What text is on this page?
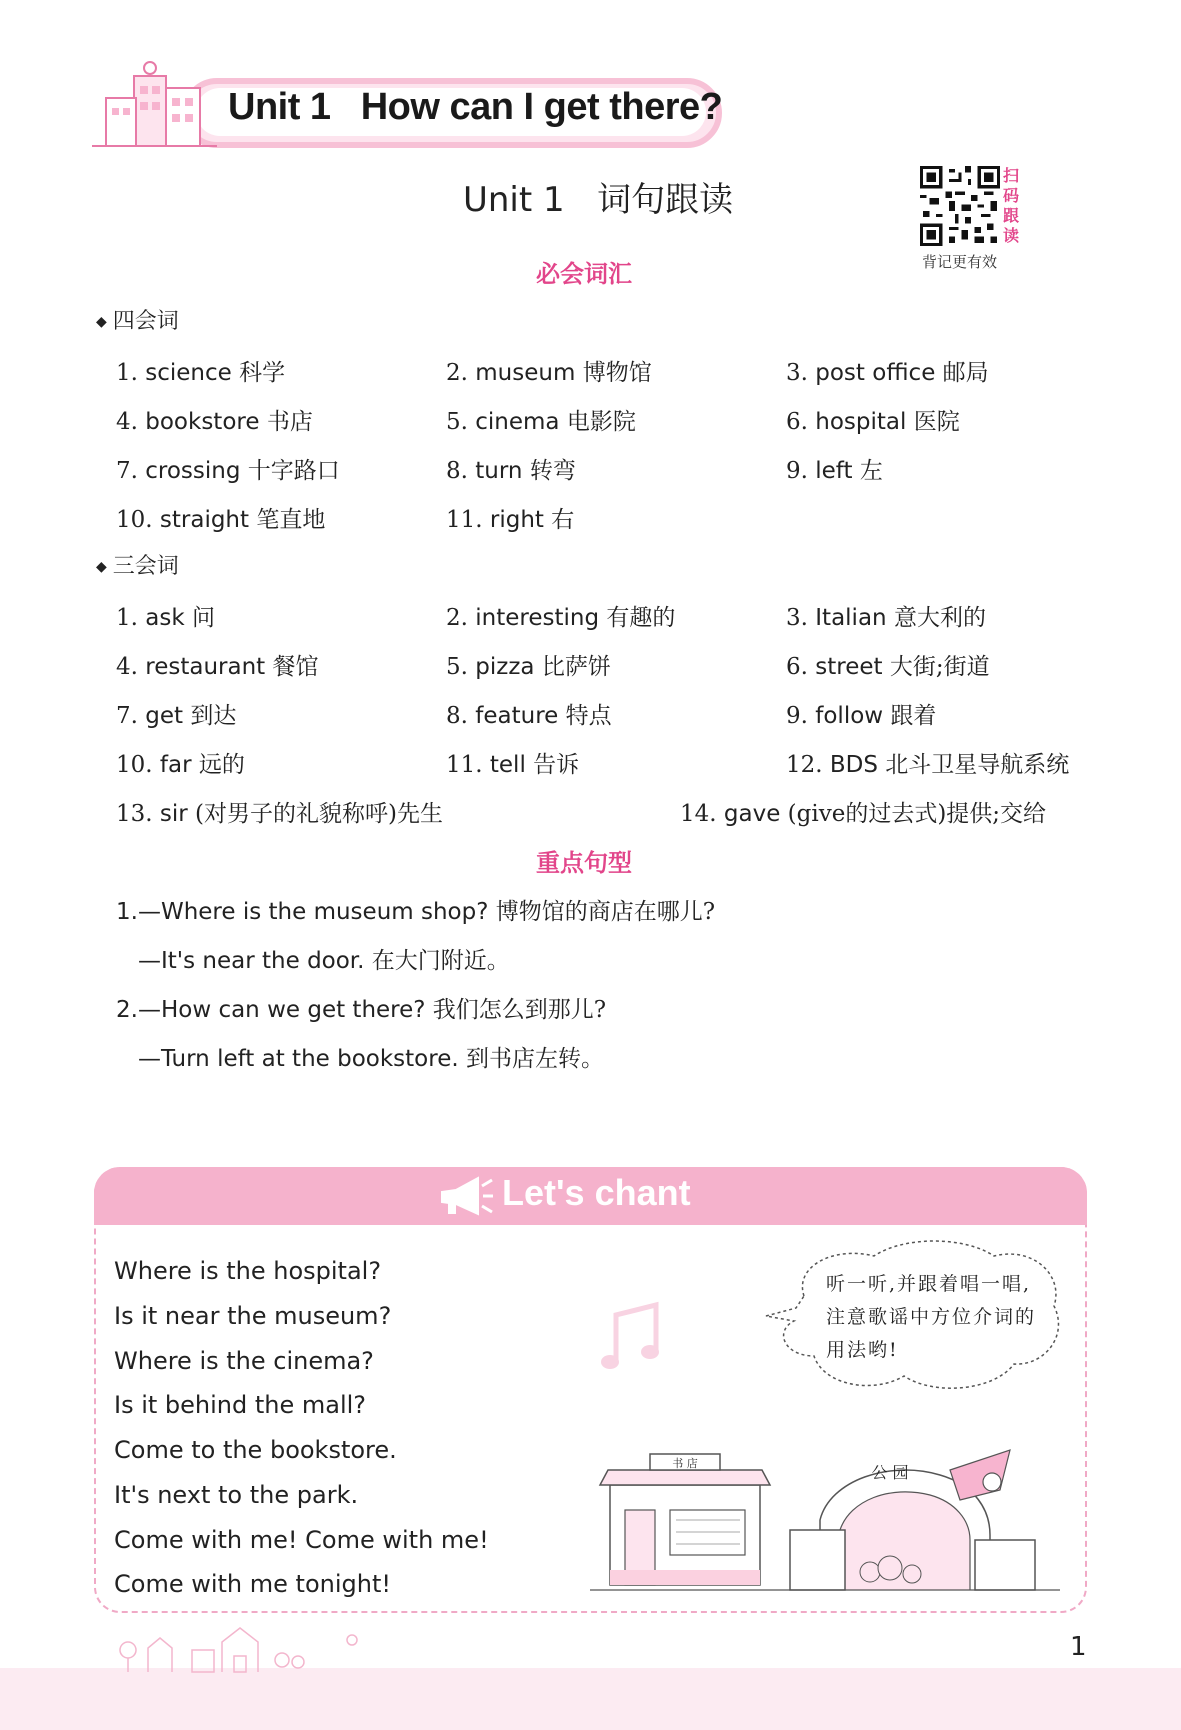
Unit 1   How can I get there?
Unit 1   词句跟读
扫码跟读
背记更有效
必会词汇
◆ 四会词
1. science 科学	2. museum 博物馆	3. post office 邮局
4. bookstore 书店	5. cinema 电影院	6. hospital 医院
7. crossing 十字路口	8. turn 转弯	9. left 左
10. straight 笔直地	11. right 右
◆ 三会词
1. ask 问	2. interesting 有趣的	3. Italian 意大利的
4. restaurant 餐馆	5. pizza 比萨饼	6. street 大街;街道
7. get 到达	8. feature 特点	9. follow 跟着
10. far 远的	11. tell 告诉	12. BDS 北斗卫星导航系统
13. sir (对男子的礼貌称呼)先生	14. gave (give的过去式)提供;交给
重点句型
1.—Where is the museum shop? 博物馆的商店在哪儿?
—It's near the door. 在大门附近。
2.—How can we get there? 我们怎么到那儿?
—Turn left at the bookstore. 到书店左转。
Let's chant
Where is the hospital?
Is it near the museum?
Where is the cinema?
Is it behind the mall?
Come to the bookstore.
It's next to the park.
Come with me! Come with me!
Come with me tonight!
听一听,并跟着唱一唱,注意歌谣中方位介词的用法哟!
书 店	公 园
1
